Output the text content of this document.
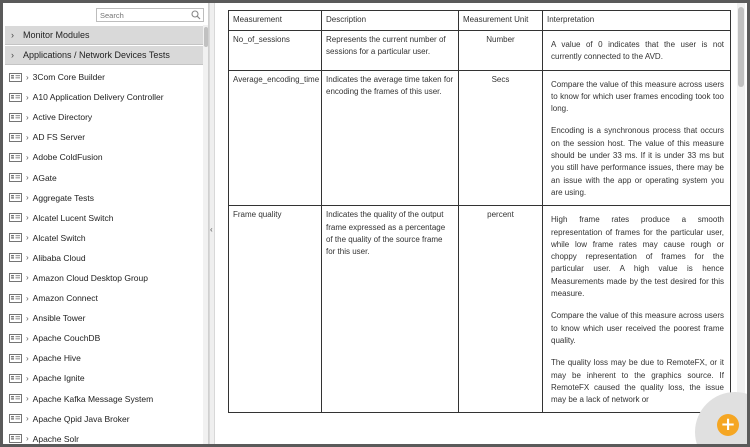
Search
›	Monitor Modules
›	Applications / Network Devices Tests
› 3Com Core Builder
› A10 Application Delivery Controller
› Active Directory
› AD FS Server
› Adobe ColdFusion
› AGate
› Aggregate Tests
› Alcatel Lucent Switch
› Alcatel Switch
› Alibaba Cloud
› Amazon Cloud Desktop Group
› Amazon Connect
› Ansible Tower
› Apache CouchDB
› Apache Hive
› Apache Ignite
› Apache Kafka Message System
› Apache Qpid Java Broker
› Apache Solr
‹
Measurement	Description	Measurement Unit	Interpretation
No_of_sessions	Represents the current number of sessions for a particular user.	Number	A value of 0 indicates that the user is not currently connected to the AVD.

Average_encoding_time	Indicates the average time taken for encoding the frames of this user.	Secs	Compare the value of this measure across users to know for which user frames encoding took too long.

Encoding is a synchronous process that occurs on the session host. The value of this measure should be under 33 ms. If it is under 33 ms but you still have performance issues, there may be an issue with the app or operating system you are using.

Frame quality	Indicates the quality of the output frame expressed as a percentage of the quality of the source frame for this user.	percent	High frame rates produce a smooth representation of frames for the particular user, while low frame rates may cause rough or choppy representation of frames for the particular user. A high value is hence Measurements made by the test desired for this measure.

Compare the value of this measure across users to know which user received the poorest frame quality.

The quality loss may be due to RemoteFX, or it may be inherent to the graphics source. If RemoteFX caused the quality loss, the issue may be a lack of network or

+
